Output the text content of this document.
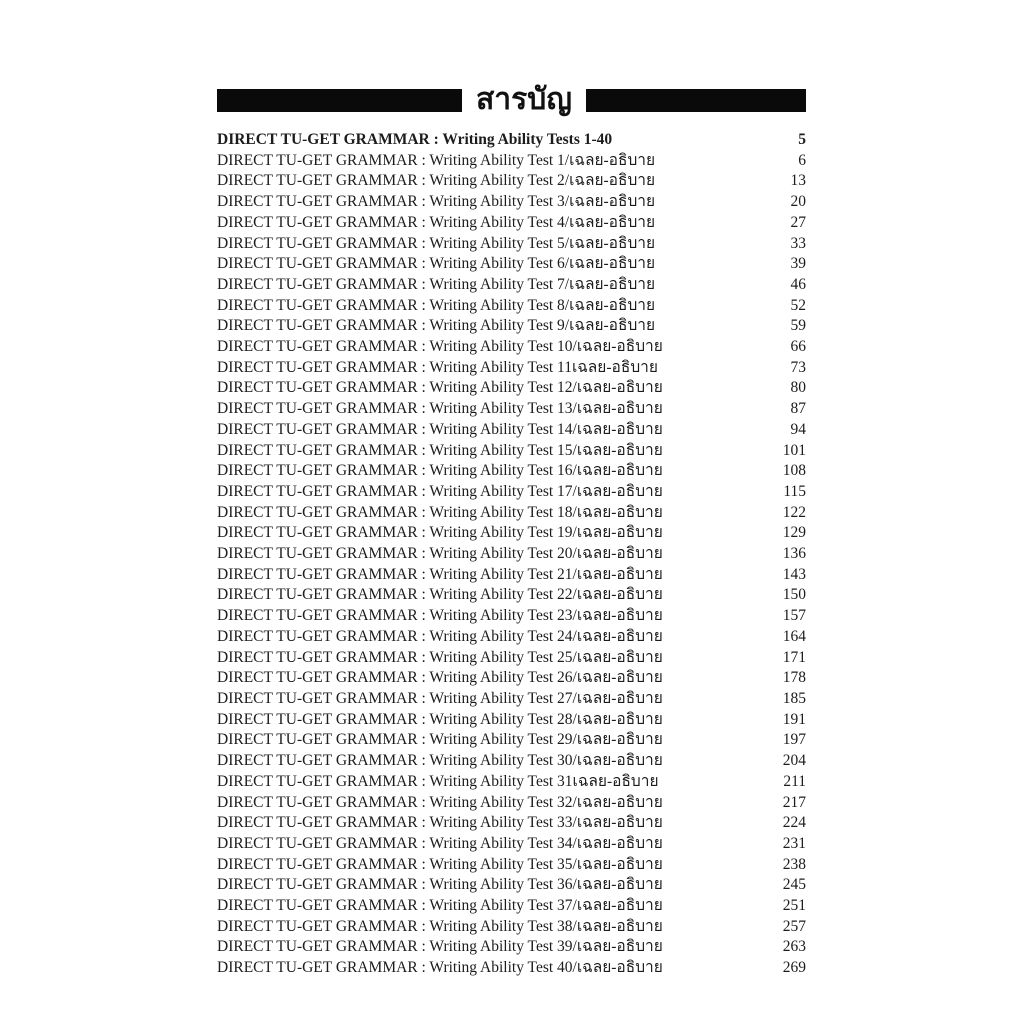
สารบัญ
DIRECT TU-GET GRAMMAR : Writing Ability Tests 1-40	5
DIRECT TU-GET GRAMMAR : Writing Ability Test 1/เฉลย-อธิบาย	6
DIRECT TU-GET GRAMMAR : Writing Ability Test 2/เฉลย-อธิบาย	13
DIRECT TU-GET GRAMMAR : Writing Ability Test 3/เฉลย-อธิบาย	20
DIRECT TU-GET GRAMMAR : Writing Ability Test 4/เฉลย-อธิบาย	27
DIRECT TU-GET GRAMMAR : Writing Ability Test 5/เฉลย-อธิบาย	33
DIRECT TU-GET GRAMMAR : Writing Ability Test 6/เฉลย-อธิบาย	39
DIRECT TU-GET GRAMMAR : Writing Ability Test 7/เฉลย-อธิบาย	46
DIRECT TU-GET GRAMMAR : Writing Ability Test 8/เฉลย-อธิบาย	52
DIRECT TU-GET GRAMMAR : Writing Ability Test 9/เฉลย-อธิบาย	59
DIRECT TU-GET GRAMMAR : Writing Ability Test 10/เฉลย-อธิบาย	66
DIRECT TU-GET GRAMMAR : Writing Ability Test 11เฉลย-อธิบาย	73
DIRECT TU-GET GRAMMAR : Writing Ability Test 12/เฉลย-อธิบาย	80
DIRECT TU-GET GRAMMAR : Writing Ability Test 13/เฉลย-อธิบาย	87
DIRECT TU-GET GRAMMAR : Writing Ability Test 14/เฉลย-อธิบาย	94
DIRECT TU-GET GRAMMAR : Writing Ability Test 15/เฉลย-อธิบาย	101
DIRECT TU-GET GRAMMAR : Writing Ability Test 16/เฉลย-อธิบาย	108
DIRECT TU-GET GRAMMAR : Writing Ability Test 17/เฉลย-อธิบาย	115
DIRECT TU-GET GRAMMAR : Writing Ability Test 18/เฉลย-อธิบาย	122
DIRECT TU-GET GRAMMAR : Writing Ability Test 19/เฉลย-อธิบาย	129
DIRECT TU-GET GRAMMAR : Writing Ability Test 20/เฉลย-อธิบาย	136
DIRECT TU-GET GRAMMAR : Writing Ability Test 21/เฉลย-อธิบาย	143
DIRECT TU-GET GRAMMAR : Writing Ability Test 22/เฉลย-อธิบาย	150
DIRECT TU-GET GRAMMAR : Writing Ability Test 23/เฉลย-อธิบาย	157
DIRECT TU-GET GRAMMAR : Writing Ability Test 24/เฉลย-อธิบาย	164
DIRECT TU-GET GRAMMAR : Writing Ability Test 25/เฉลย-อธิบาย	171
DIRECT TU-GET GRAMMAR : Writing Ability Test 26/เฉลย-อธิบาย	178
DIRECT TU-GET GRAMMAR : Writing Ability Test 27/เฉลย-อธิบาย	185
DIRECT TU-GET GRAMMAR : Writing Ability Test 28/เฉลย-อธิบาย	191
DIRECT TU-GET GRAMMAR : Writing Ability Test 29/เฉลย-อธิบาย	197
DIRECT TU-GET GRAMMAR : Writing Ability Test 30/เฉลย-อธิบาย	204
DIRECT TU-GET GRAMMAR : Writing Ability Test 31เฉลย-อธิบาย	211
DIRECT TU-GET GRAMMAR : Writing Ability Test 32/เฉลย-อธิบาย	217
DIRECT TU-GET GRAMMAR : Writing Ability Test 33/เฉลย-อธิบาย	224
DIRECT TU-GET GRAMMAR : Writing Ability Test 34/เฉลย-อธิบาย	231
DIRECT TU-GET GRAMMAR : Writing Ability Test 35/เฉลย-อธิบาย	238
DIRECT TU-GET GRAMMAR : Writing Ability Test 36/เฉลย-อธิบาย	245
DIRECT TU-GET GRAMMAR : Writing Ability Test 37/เฉลย-อธิบาย	251
DIRECT TU-GET GRAMMAR : Writing Ability Test 38/เฉลย-อธิบาย	257
DIRECT TU-GET GRAMMAR : Writing Ability Test 39/เฉลย-อธิบาย	263
DIRECT TU-GET GRAMMAR : Writing Ability Test 40/เฉลย-อธิบาย	269
